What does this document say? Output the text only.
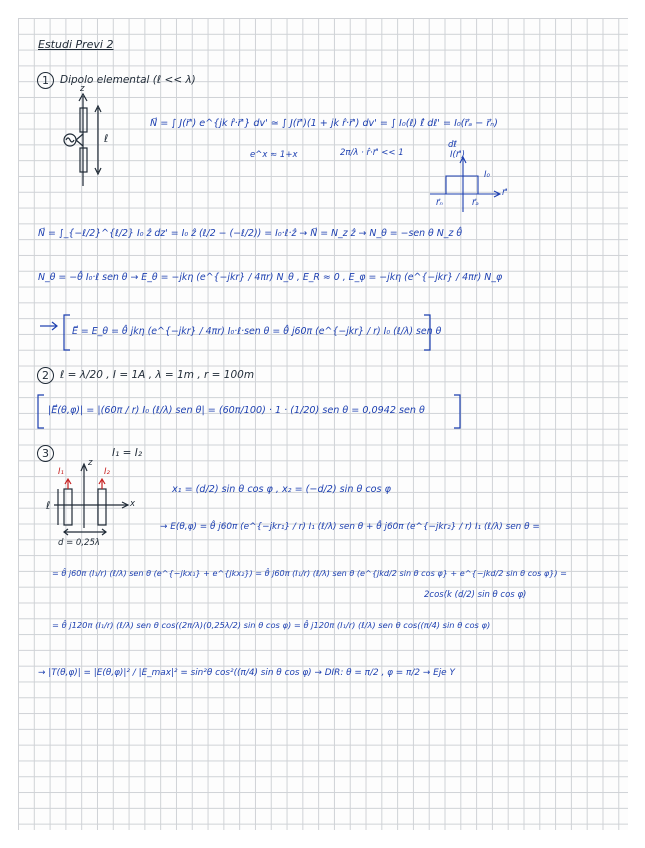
Estudi Previ 2
1	Dipolo elemental (ℓ << λ)
z
ℓ
N⃗ = ∫ J(r⃗') e^{jk r̂·r⃗'} dv' ≃ ∫ J(r⃗')(1 + jk r̂·r⃗') dv' = ∫ I₀(ℓ) ℓ̂ dℓ' = I₀(r⃗ₐ − r⃗ₙ)
e^x ≈ 1+x	2π/λ · r̂·r⃗' << 1
dℓ⃗
I(r⃗')
I₀
r⃗'
r⃗ₙ	r⃗ₐ
N⃗ = ∫_{−ℓ/2}^{ℓ/2} I₀ ẑ dz' = I₀ ẑ (ℓ/2 − (−ℓ/2)) = I₀·ℓ·ẑ → N⃗ = N_z ẑ → N_θ = −sen θ N_z θ̂
N_θ = −θ̂ I₀·ℓ sen θ → E_θ = −jkη (e^{−jkr} / 4πr) N_θ , E_R ≈ 0 , E_φ = −jkη (e^{−jkr} / 4πr) N_φ
E⃗ = E_θ = θ̂ jkη (e^{−jkr} / 4πr) I₀·ℓ·sen θ = θ̂ j60π (e^{−jkr} / r) I₀ (ℓ/λ) sen θ
2	ℓ = λ/20 , I = 1A , λ = 1m , r = 100m
|E⃗(θ,φ)| = |(60π / r) I₀ (ℓ/λ) sen θ| = (60π/100) · 1 · (1/20) sen θ = 0,0942 sen θ
3	I₁ = I₂
I₁	I₂
z
x
ℓ
d = 0,25λ
x₁ = (d/2) sin θ cos φ , x₂ = (−d/2) sin θ cos φ
→ E(θ,φ) = θ̂ j60π (e^{−jkr₁} / r) I₁ (ℓ/λ) sen θ + θ̂ j60π (e^{−jkr₂} / r) I₁ (ℓ/λ) sen θ =
= θ̂ j60π (I₁/r) (ℓ/λ) sen θ (e^{−jkx₁} + e^{jkx₂}) = θ̂ j60π (I₁/r) (ℓ/λ) sen θ (e^{jkd/2 sin θ cos φ} + e^{−jkd/2 sin θ cos φ}) =
2cos(k (d/2) sin θ cos φ)
= θ̂ j120π (I₁/r) (ℓ/λ) sen θ cos((2π/λ)(0,25λ/2) sin θ cos φ) = θ̂ j120π (I₁/r) (ℓ/λ) sen θ cos((π/4) sin θ cos φ)
→ |T(θ,φ)| = |E(θ,φ)|² / |E_max|² = sin²θ cos²((π/4) sin θ cos φ) → DIR: θ = π/2 , φ = π/2 → Eje Y
